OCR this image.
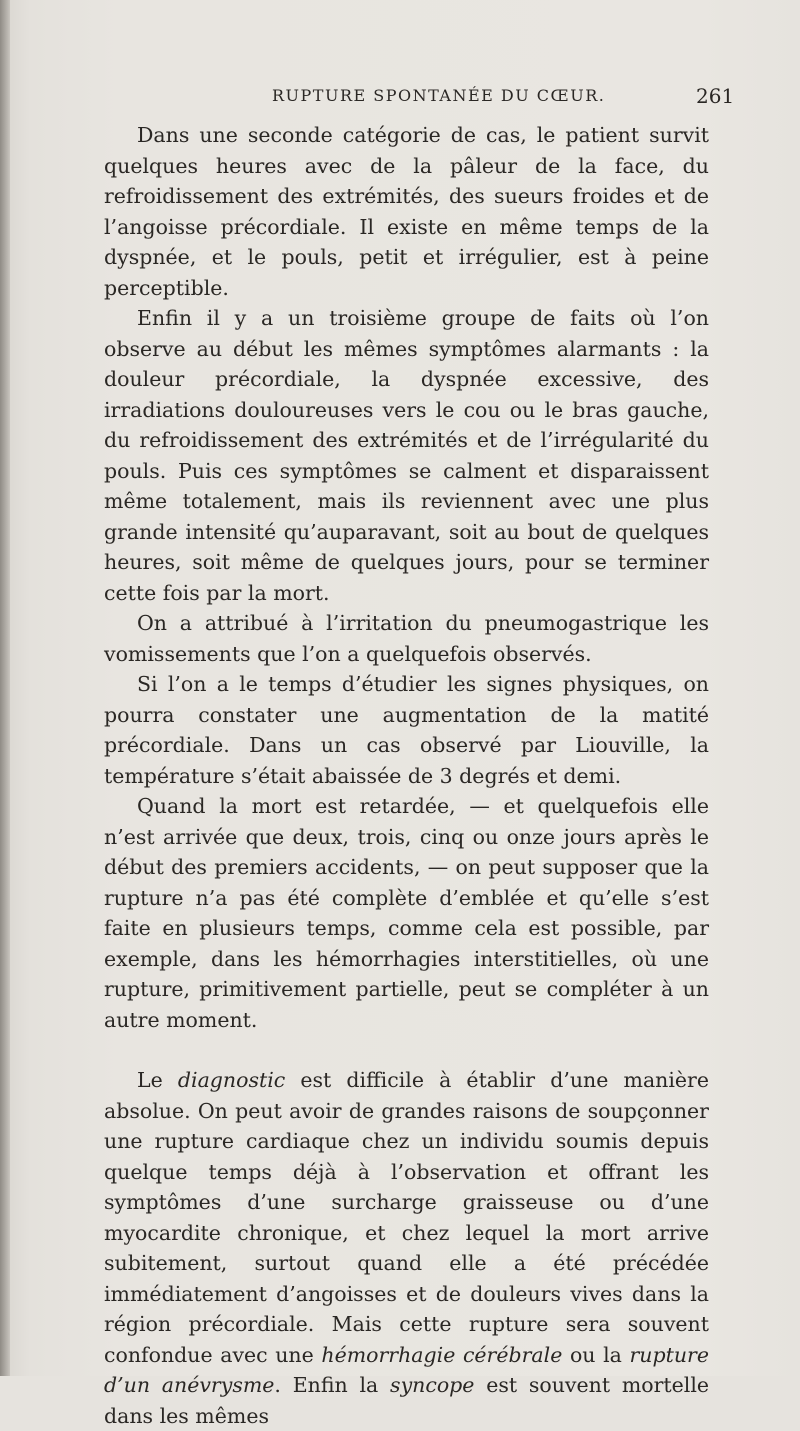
RUPTURE SPONTANÉE DU CŒUR.	261

Dans une seconde catégorie de cas, le patient survit quelques heures avec de la pâleur de la face, du refroidissement des extrémités, des sueurs froides et de l’angoisse précordiale. Il existe en même temps de la dyspnée, et le pouls, petit et irrégulier, est à peine perceptible.

Enfin il y a un troisième groupe de faits où l’on observe au début les mêmes symptômes alarmants : la douleur précordiale, la dyspnée excessive, des irradiations douloureuses vers le cou ou le bras gauche, du refroidissement des extrémités et de l’irrégularité du pouls. Puis ces symptômes se calment et disparaissent même totalement, mais ils reviennent avec une plus grande intensité qu’auparavant, soit au bout de quelques heures, soit même de quelques jours, pour se terminer cette fois par la mort.

On a attribué à l’irritation du pneumogastrique les vomissements que l’on a quelquefois observés.

Si l’on a le temps d’étudier les signes physiques, on pourra constater une augmentation de la matité précordiale. Dans un cas observé par Liouville, la température s’était abaissée de 3 degrés et demi.

Quand la mort est retardée, — et quelquefois elle n’est arrivée que deux, trois, cinq ou onze jours après le début des premiers accidents, — on peut supposer que la rupture n’a pas été complète d’emblée et qu’elle s’est faite en plusieurs temps, comme cela est possible, par exemple, dans les hémorrhagies interstitielles, où une rupture, primitivement partielle, peut se compléter à un autre moment.

Le diagnostic est difficile à établir d’une manière absolue. On peut avoir de grandes raisons de soupçonner une rupture cardiaque chez un individu soumis depuis quelque temps déjà à l’observation et offrant les symptômes d’une surcharge graisseuse ou d’une myocardite chronique, et chez lequel la mort arrive subitement, surtout quand elle a été précédée immédiatement d’angoisses et de douleurs vives dans la région précordiale. Mais cette rupture sera souvent confondue avec une hémorrhagie cérébrale ou la rupture d’un anévrysme. Enfin la syncope est souvent mortelle dans les mêmes
